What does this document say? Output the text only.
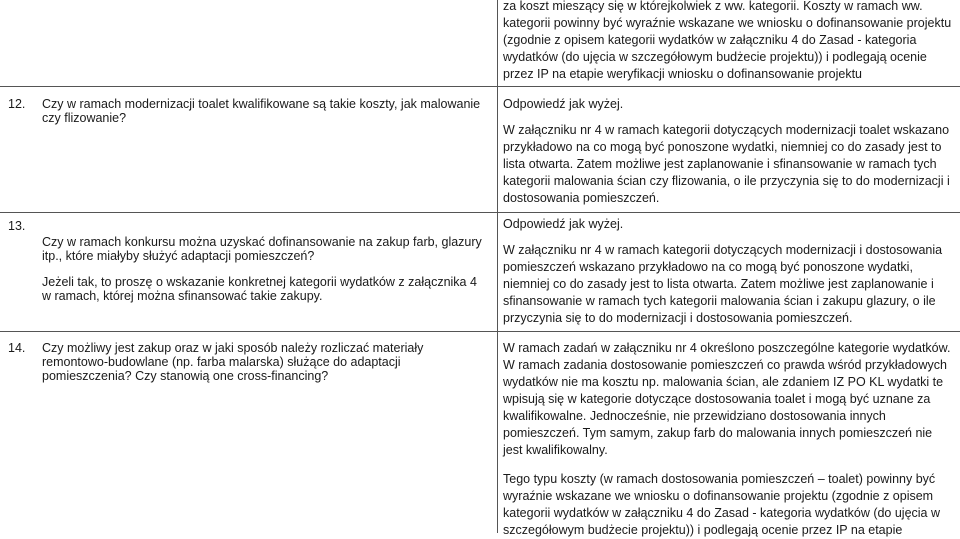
za koszt mieszący się w którejkolwiek z ww. kategorii. Koszty w ramach ww. kategorii powinny być wyraźnie wskazane we wniosku o dofinansowanie projektu (zgodnie z opisem kategorii wydatków w załączniku 4 do Zasad - kategoria wydatków (do ujęcia w szczegółowym budżecie projektu)) i podlegają ocenie przez IP na etapie weryfikacji wniosku o dofinansowanie projektu

12. Czy w ramach modernizacji toalet kwalifikowane są takie koszty, jak malowanie czy flizowanie?

Odpowiedź jak wyżej.

W załączniku nr 4 w ramach kategorii dotyczących modernizacji toalet wskazano przykładowo na co mogą być ponoszone wydatki, niemniej co do zasady jest to lista otwarta. Zatem możliwe jest zaplanowanie i sfinansowanie w ramach tych kategorii malowania ścian czy flizowania, o ile przyczynia się to do modernizacji i dostosowania pomieszczeń.

13.

Czy w ramach konkursu można uzyskać dofinansowanie na zakup farb, glazury itp., które miałyby służyć adaptacji pomieszczeń?

Jeżeli tak, to proszę o wskazanie konkretnej kategorii wydatków z załącznika 4 w ramach, której można sfinansować takie zakupy.

Odpowiedź jak wyżej.

W załączniku nr 4 w ramach kategorii dotyczących modernizacji i dostosowania pomieszczeń wskazano przykładowo na co mogą być ponoszone wydatki, niemniej co do zasady jest to lista otwarta. Zatem możliwe jest zaplanowanie i sfinansowanie w ramach tych kategorii malowania ścian i zakupu glazury, o ile przyczynia się to do modernizacji i dostosowania pomieszczeń.

14. Czy możliwy jest zakup oraz w jaki sposób należy rozliczać materiały remontowo-budowlane (np. farba malarska) służące do adaptacji pomieszczenia? Czy stanowią one cross-financing?

W ramach zadań w załączniku nr 4 określono poszczególne kategorie wydatków. W ramach zadania dostosowanie pomieszczeń co prawda wśród przykładowych wydatków nie ma kosztu np. malowania ścian, ale zdaniem IZ PO KL wydatki te wpisują się w kategorie dotyczące dostosowania toalet i mogą być uznane za kwalifikowalne. Jednocześnie, nie przewidziano dostosowania innych pomieszczeń. Tym samym, zakup farb do malowania innych pomieszczeń nie jest kwalifikowalny.

Tego typu koszty (w ramach dostosowania pomieszczeń – toalet) powinny być wyraźnie wskazane we wniosku o dofinansowanie projektu (zgodnie z opisem kategorii wydatków w załączniku 4 do Zasad - kategoria wydatków (do ujęcia w szczegółowym budżecie projektu)) i podlegają ocenie przez IP na etapie
